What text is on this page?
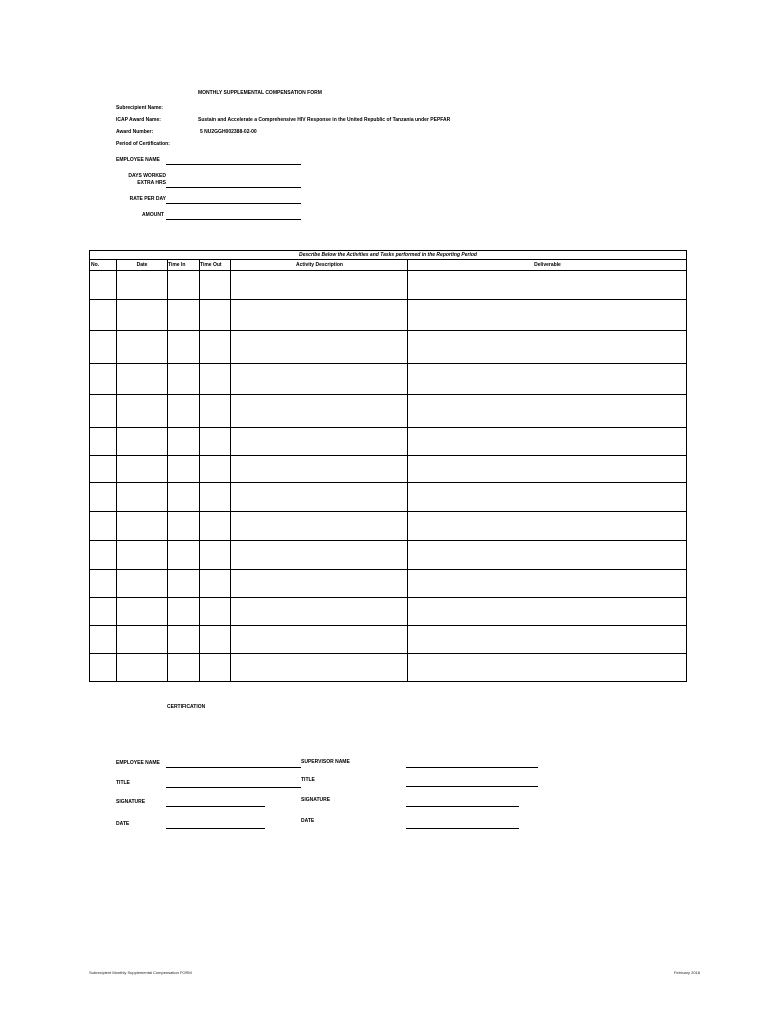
MONTHLY SUPPLEMENTAL COMPENSATION FORM
Subrecipient Name:
ICAP Award Name:	Sustain and Accelerate a Comprehensive HIV Response in the United Republic of Tanzania under PEPFAR
Award Number:	5 NU2GGH002388-02-00
Period of Certification:
EMPLOYEE NAME
DAYS WORKED
EXTRA HRS
RATE PER DAY
AMOUNT
Describe Below the Activities and Tasks performed in the Reporting Period
No.	Date	Time In	Time Out	Activity Description	Deliverable
CERTIFICATION
EMPLOYEE NAME
TITLE
SIGNATURE
DATE
SUPERVISOR NAME
TITLE
SIGNATURE
DATE
Subrecipient Monthly Supplemental Compensation FORM	February 2018
